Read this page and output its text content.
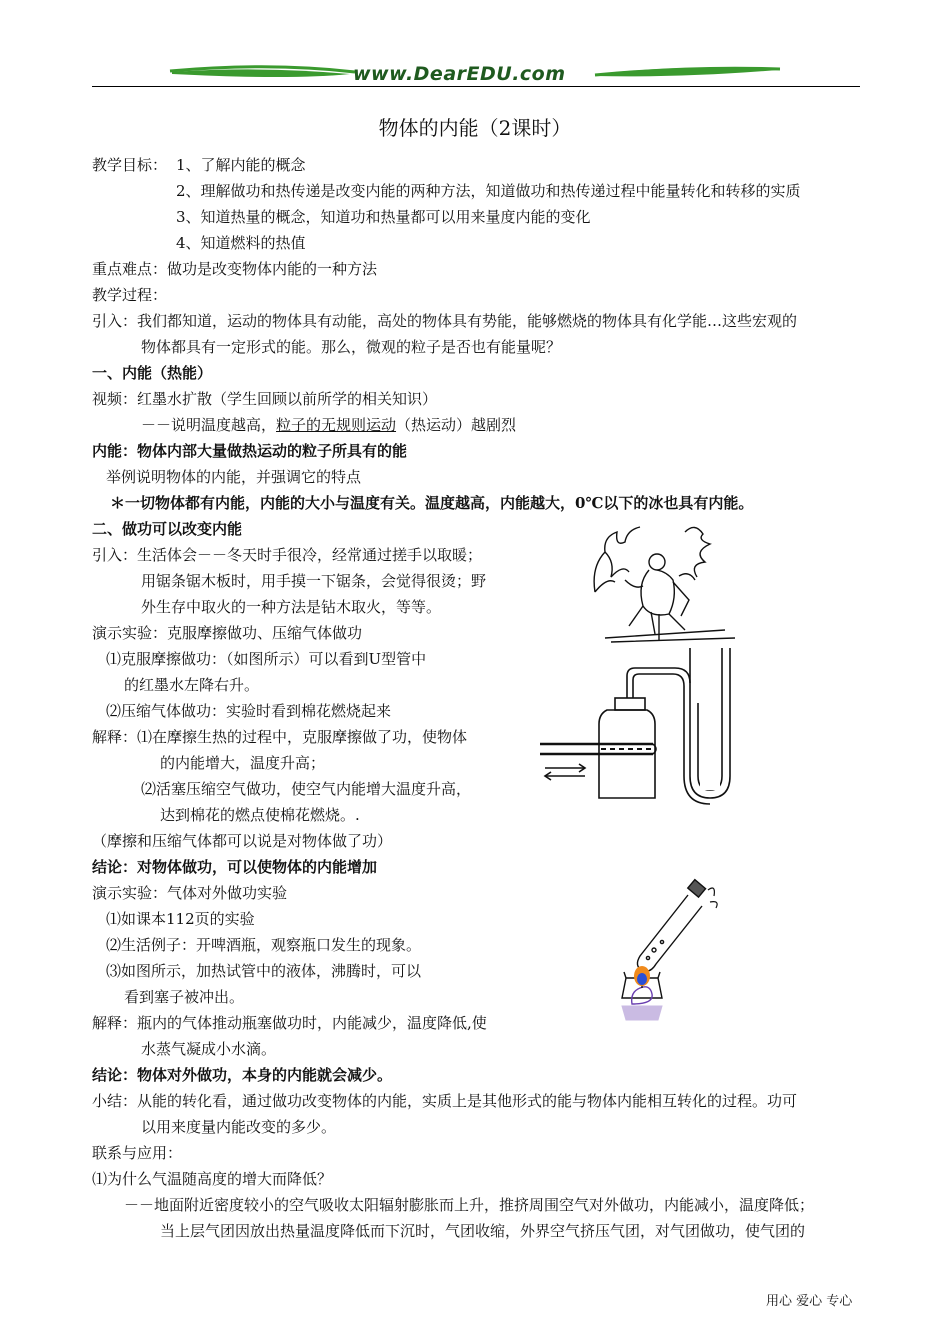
www.DearEDU.com
物体的内能（2课时）
教学目标： 1、了解内能的概念
2、理解做功和热传递是改变内能的两种方法，知道做功和热传递过程中能量转化和转移的实质
3、知道热量的概念，知道功和热量都可以用来量度内能的变化
4、知道燃料的热值
重点难点：做功是改变物体内能的一种方法
教学过程：
引入：我们都知道，运动的物体具有动能，高处的物体具有势能，能够燃烧的物体具有化学能…这些宏观的
物体都具有一定形式的能。那么，微观的粒子是否也有能量呢？
一、内能（热能）
视频：红墨水扩散（学生回顾以前所学的相关知识）
－－说明温度越高，粒子的无规则运动（热运动）越剧烈
内能：物体内部大量做热运动的粒子所具有的能
举例说明物体的内能，并强调它的特点
＊一切物体都有内能，内能的大小与温度有关。温度越高，内能越大，0℃以下的冰也具有内能。
二、做功可以改变内能
引入：生活体会－－冬天时手很冷，经常通过搓手以取暖；
用锯条锯木板时，用手摸一下锯条，会觉得很烫；野
外生存中取火的一种方法是钻木取火，等等。
演示实验：克服摩擦做功、压缩气体做功
⑴克服摩擦做功：（如图所示）可以看到U型管中
的红墨水左降右升。
⑵压缩气体做功：实验时看到棉花燃烧起来
解释：⑴在摩擦生热的过程中，克服摩擦做了功，使物体
的内能增大，温度升高；
⑵活塞压缩空气做功，使空气内能增大温度升高，
达到棉花的燃点使棉花燃烧。.
（摩擦和压缩气体都可以说是对物体做了功）
结论：对物体做功，可以使物体的内能增加
演示实验：气体对外做功实验
⑴如课本112页的实验
⑵生活例子：开啤酒瓶，观察瓶口发生的现象。
⑶如图所示，加热试管中的液体，沸腾时，可以
看到塞子被冲出。
解释：瓶内的气体推动瓶塞做功时，内能减少，温度降低,使
水蒸气凝成小水滴。
结论：物体对外做功，本身的内能就会减少。
小结：从能的转化看，通过做功改变物体的内能，实质上是其他形式的能与物体内能相互转化的过程。功可
以用来度量内能改变的多少。
联系与应用：
⑴为什么气温随高度的增大而降低？
－－地面附近密度较小的空气吸收太阳辐射膨胀而上升，推挤周围空气对外做功，内能减小，温度降低；
当上层气团因放出热量温度降低而下沉时，气团收缩，外界空气挤压气团，对气团做功，使气团的
用心 爱心 专心
